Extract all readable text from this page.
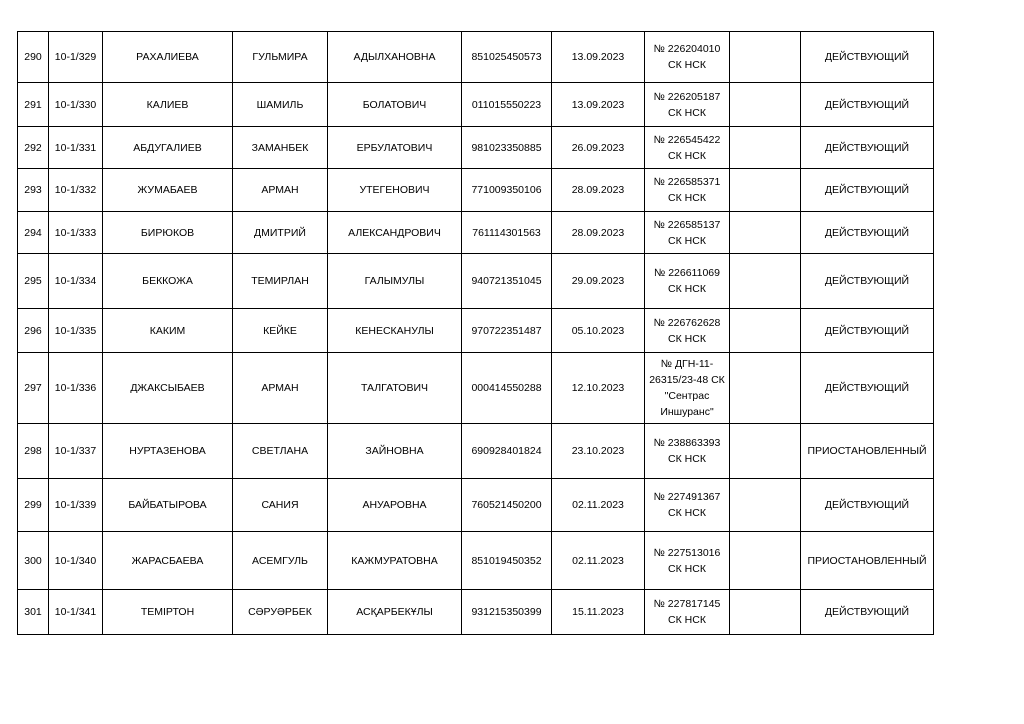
290	10-1/329	РАХАЛИЕВА	ГУЛЬМИРА	АДЫЛХАНОВНА	851025450573	13.09.2023	№ 226204010 СК НСК		ДЕЙСТВУЮЩИЙ
291	10-1/330	КАЛИЕВ	ШАМИЛЬ	БОЛАТОВИЧ	011015550223	13.09.2023	№ 226205187 СК НСК		ДЕЙСТВУЮЩИЙ
292	10-1/331	АБДУГАЛИЕВ	ЗАМАНБЕК	ЕРБУЛАТОВИЧ	981023350885	26.09.2023	№ 226545422 СК НСК		ДЕЙСТВУЮЩИЙ
293	10-1/332	ЖУМАБАЕВ	АРМАН	УТЕГЕНОВИЧ	771009350106	28.09.2023	№ 226585371 СК НСК		ДЕЙСТВУЮЩИЙ
294	10-1/333	БИРЮКОВ	ДМИТРИЙ	АЛЕКСАНДРОВИЧ	761114301563	28.09.2023	№ 226585137 СК НСК		ДЕЙСТВУЮЩИЙ
295	10-1/334	БЕККОЖА	ТЕМИРЛАН	ГАЛЫМУЛЫ	940721351045	29.09.2023	№ 226611069 СК НСК		ДЕЙСТВУЮЩИЙ
296	10-1/335	КАКИМ	КЕЙКЕ	КЕНЕСКАНУЛЫ	970722351487	05.10.2023	№ 226762628 СК НСК		ДЕЙСТВУЮЩИЙ
297	10-1/336	ДЖАКСЫБАЕВ	АРМАН	ТАЛГАТОВИЧ	000414550288	12.10.2023	№ ДГН-11-26315/23-48 СК "Сентрас Иншуранс"		ДЕЙСТВУЮЩИЙ
298	10-1/337	НУРТАЗЕНОВА	СВЕТЛАНА	ЗАЙНОВНА	690928401824	23.10.2023	№ 238863393 СК НСК		ПРИОСТАНОВЛЕННЫЙ
299	10-1/339	БАЙБАТЫРОВА	САНИЯ	АНУАРОВНА	760521450200	02.11.2023	№ 227491367 СК НСК		ДЕЙСТВУЮЩИЙ
300	10-1/340	ЖАРАСБАЕВА	АСЕМГУЛЬ	КАЖМУРАТОВНА	851019450352	02.11.2023	№ 227513016 СК НСК		ПРИОСТАНОВЛЕННЫЙ
301	10-1/341	ТЕМІРТОН	СӘРУӘРБЕК	АСҚАРБЕКҰЛЫ	931215350399	15.11.2023	№ 227817145 СК НСК		ДЕЙСТВУЮЩИЙ
